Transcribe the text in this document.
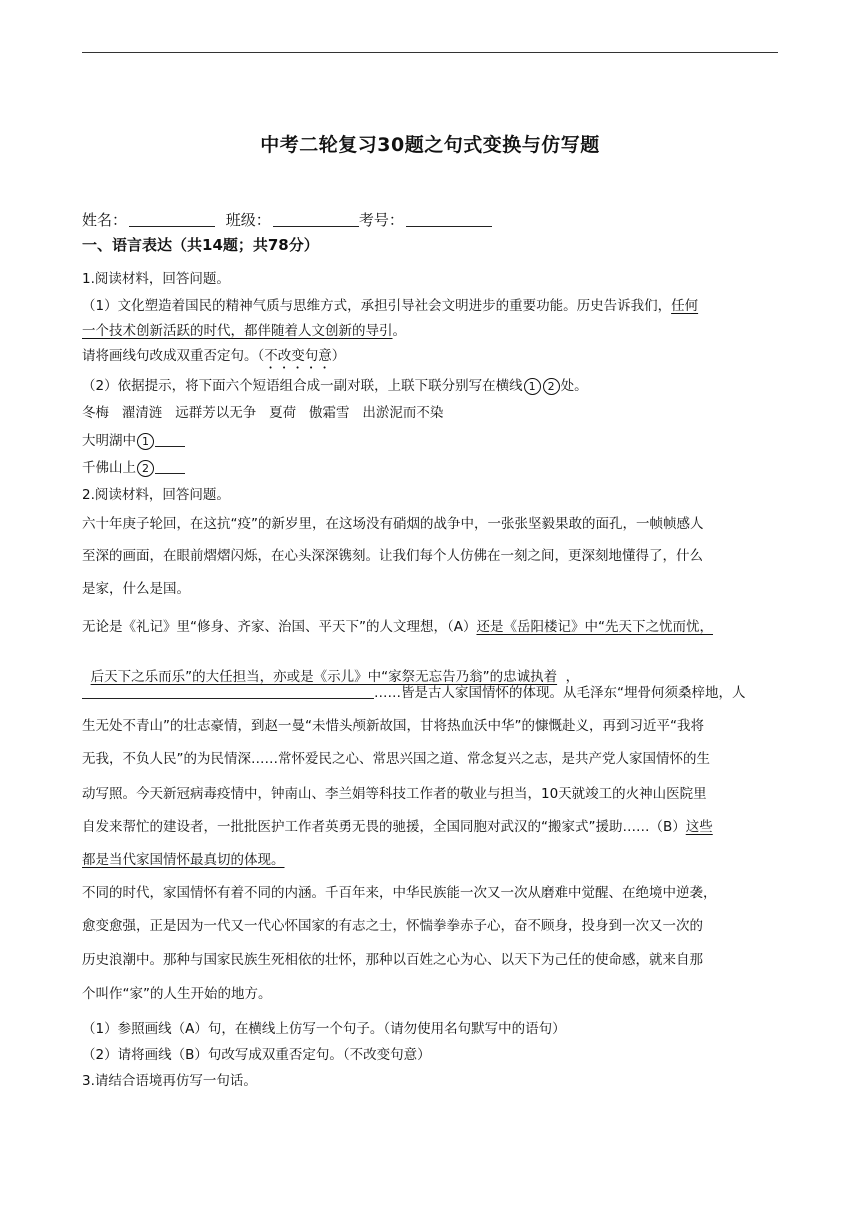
中考二轮复习30题之句式变换与仿写题
姓名：	班级：	考号：
一、语言表达（共14题；共78分）
1.阅读材料，回答问题。
（1）文化塑造着国民的精神气质与思维方式，承担引导社会文明进步的重要功能。历史告诉我们，任何
一个技术创新活跃的时代，都伴随着人文创新的导引。
请将画线句改成双重否定句。（不改变句意）
（2）依据提示，将下面六个短语组合成一副对联，上联下联分别写在横线 1 2 处。
冬梅   濯清涟   远群芳以无争   夏荷   傲霜雪   出淤泥而不染
大明湖中 1
千佛山上 2
2.阅读材料，回答问题。
六十年庚子轮回，在这抗“疫”的新岁里，在这场没有硝烟的战争中，一张张坚毅果敢的面孔，一帧帧感人
至深的画面，在眼前熠熠闪烁，在心头深深镌刻。让我们每个人仿佛在一刻之间，更深刻地懂得了，什么
是家，什么是国。
无论是《礼记》里“修身、齐家、治国、平天下”的人文理想，（A）还是《岳阳楼记》中“先天下之忧而忧，

后天下之乐而乐”的大任担当，亦或是《示儿》中“家祭无忘告乃翁”的忠诚执着  ，

……皆是古人家国情怀的体现。从毛泽东“埋骨何须桑梓地，人
生无处不青山”的壮志豪情，到赵一曼“未惜头颅新故国，甘将热血沃中华”的慷慨赴义，再到习近平“我将
无我，不负人民”的为民情深……常怀爱民之心、常思兴国之道、常念复兴之志，是共产党人家国情怀的生
动写照。今天新冠病毒疫情中，钟南山、李兰娟等科技工作者的敬业与担当，10天就竣工的火神山医院里
自发来帮忙的建设者，一批批医护工作者英勇无畏的驰援，全国同胞对武汉的“搬家式”援助……（B）这些
都是当代家国情怀最真切的体现。
不同的时代，家国情怀有着不同的内涵。千百年来，中华民族能一次又一次从磨难中觉醒、在绝境中逆袭，
愈变愈强，正是因为一代又一代心怀国家的有志之士，怀惴拳拳赤子心，奋不顾身，投身到一次又一次的
历史浪潮中。那种与国家民族生死相依的壮怀，那种以百姓之心为心、以天下为己任的使命感，就来自那
个叫作“家”的人生开始的地方。
（1）参照画线（A）句，在横线上仿写一个句子。（请勿使用名句默写中的语句）
（2）请将画线（B）句改写成双重否定句。（不改变句意）
3.请结合语境再仿写一句话。
